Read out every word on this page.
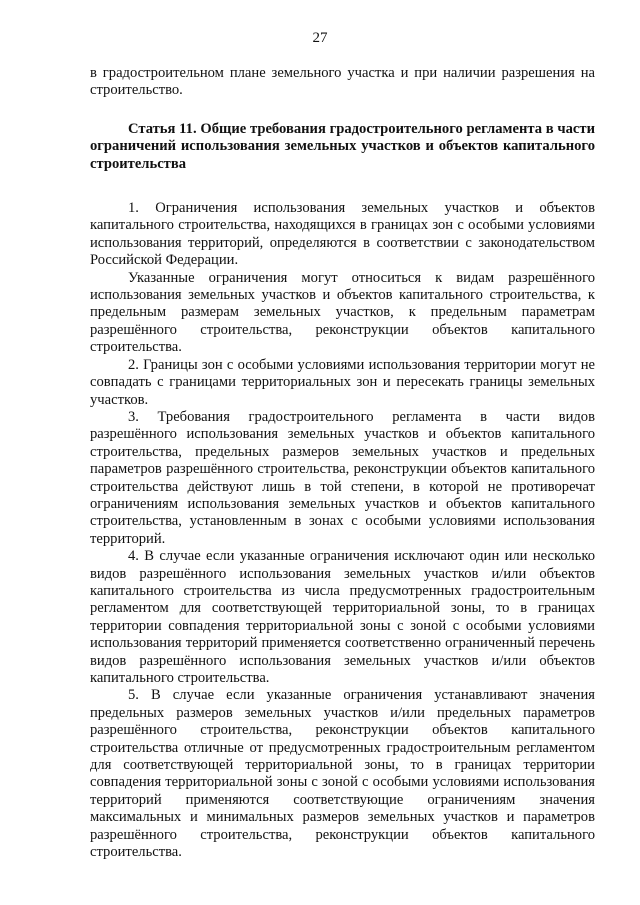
27

в градостроительном плане земельного участка и при наличии разрешения на строительство.

Статья 11. Общие требования градостроительного регламента в части ограничений использования земельных участков и объектов капитального строительства

1. Ограничения использования земельных участков и объектов капитального строительства, находящихся в границах зон с особыми условиями использования территорий, определяются в соответствии с законодательством Российской Федерации.

Указанные ограничения могут относиться к видам разрешённого использования земельных участков и объектов капитального строительства, к предельным размерам земельных участков, к предельным параметрам разрешённого строительства, реконструкции объектов капитального строительства.

2. Границы зон с особыми условиями использования территории могут не совпадать с границами территориальных зон и пересекать границы земельных участков.

3. Требования градостроительного регламента в части видов разрешённого использования земельных участков и объектов капитального строительства, предельных размеров земельных участков и предельных параметров разрешённого строительства, реконструкции объектов капитального строительства действуют лишь в той степени, в которой не противоречат ограничениям использования земельных участков и объектов капитального строительства, установленным в зонах с особыми условиями использования территорий.

4. В случае если указанные ограничения исключают один или несколько видов разрешённого использования земельных участков и/или объектов капитального строительства из числа предусмотренных градостроительным регламентом для соответствующей территориальной зоны, то в границах территории совпадения территориальной зоны с зоной с особыми условиями использования территорий применяется соответственно ограниченный перечень видов разрешённого использования земельных участков и/или объектов капитального строительства.

5. В случае если указанные ограничения устанавливают значения предельных размеров земельных участков и/или предельных параметров разрешённого строительства, реконструкции объектов капитального строительства отличные от предусмотренных градостроительным регламентом для соответствующей территориальной зоны, то в границах территории совпадения территориальной зоны с зоной с особыми условиями использования территорий применяются соответствующие ограничениям значения максимальных и минимальных размеров земельных участков и параметров разрешённого строительства, реконструкции объектов капитального строительства.
